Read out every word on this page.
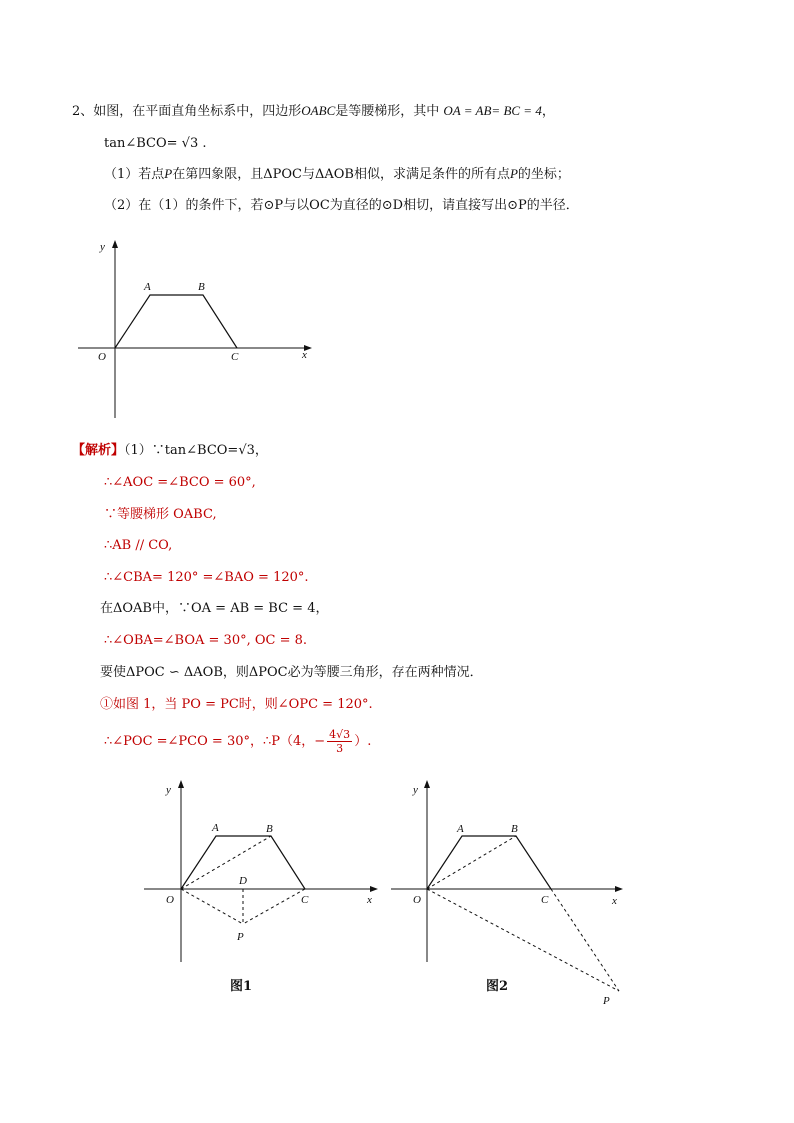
2、如图，在平面直角坐标系中，四边形OABC是等腰梯形，其中 OA = AB= BC = 4，
tan∠BCO= √3 .
（1）若点P在第四象限，且ΔPOC与ΔAOB相似，求满足条件的所有点P的坐标；
（2）在（1）的条件下，若⊙P与以OC为直径的⊙D相切，请直接写出⊙P的半径．
y
x
O
A	B
C
【解析】（1）∵tan∠BCO=√3，
∴∠AOC =∠BCO = 60°,
∵等腰梯形 OABC,
∴AB // CO,
∴∠CBA= 120° =∠BAO = 120°.
在ΔOAB中，∵OA = AB = BC = 4，
∴∠OBA=∠BOA = 30°, OC = 8.
要使ΔPOC ∽ ΔAOB，则ΔPOC必为等腰三角形，存在两种情况．
①如图 1，当 PO = PC时，则∠OPC = 120°.
∴∠POC =∠PCO = 30°，∴P（4，− $\frac{4√3}{3}$ ）.
y
x
O
A	B
C
D
P
图1
y
x
O
A	B
C
P
图2
